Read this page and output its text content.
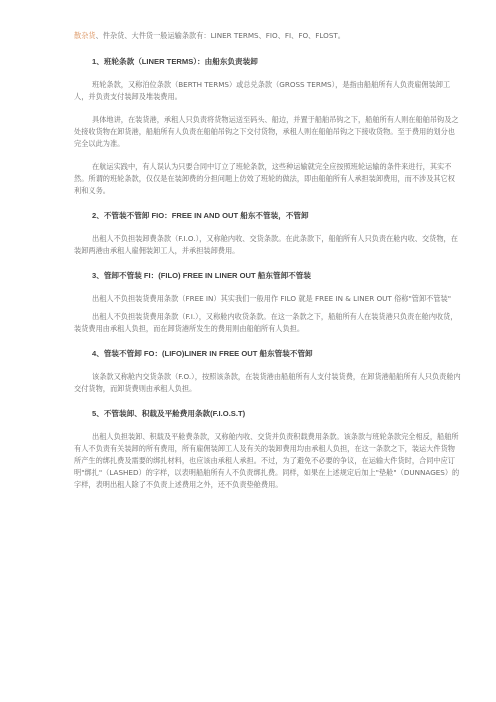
散杂货、件杂货、大件货一般运输条款有：LINER TERMS、FIO、FI、FO、FLOST。

1、班轮条款（LINER TERMS）：由船东负责装卸

班轮条款，又称泊位条款（BERTH TERMS）或总兑条款（GROSS TERMS），是指由船舶所有人负责雇佣装卸工人，并负责支付装卸及堆装费用。

具体地讲，在装货港，承租人只负责将货物运送至码头、船边，并置于船舶吊钩之下，船舶所有人则在船舶吊钩及之处接收货物在卸货港，船舶所有人负责在船舶吊钩之下交付货物，承租人则在船舶吊钩之下接收货物。至于费用的划分也完全以此为准。

在航运实践中，有人误认为只要合同中订立了班轮条款，这些种运输就完全应按照班轮运输的条件来进行，其实不然。所谓的班轮条款，仅仅是在装卸费的分担问题上仿效了班轮的做法，即由船舶所有人承担装卸费用，而不涉及其它权利和义务。

2、不管装不管卸 FIO：FREE IN AND OUT 船东不管装，不管卸

出租人不负担装卸费条款（F.I.O.），又称舱内收、交货条款。在此条款下，船舶所有人只负责在舱内收、交货物，在装卸两港由承租人雇佣装卸工人，并承担装卸费用。

3、管卸不管装 FI：(FILO) FREE IN LINER OUT 船东管卸不管装

出租人不负担装货费用条款（FREE IN）其实我们一般用作 FILO 就是 FREE IN & LINER OUT 俗称"管卸不管装"

出租人不负担装货费用条款（F.I.），又称舱内收货条款。在这一条款之下，船舶所有人在装货港只负责在舱内收货，装货费用由承租人负担，而在卸货港所发生的费用则由船舶所有人负担。

4、管装不管卸 FO：(LIFO)LINER IN FREE OUT 船东管装不管卸

该条款又称舱内交货条款（F.O.），按照该条款，在装货港由船舶所有人支付装货费，在卸货港船舶所有人只负责舱内交付货物，而卸货费则由承租人负担。

5、不管装卸、积载及平舱费用条款(F.I.O.S.T)

出租人负担装卸、积载及平舱费条款，又称舱内收、交货并负责积载费用条款。该条款与班轮条款完全相反，船舶所有人不负责有关装卸的所有费用，所有雇佣装卸工人及有关的装卸费用均由承租人负担，在这一条款之下，装运大件货物所产生的绑扎费及需要的绑扎材料，也应该由承租人承担。不过，为了避免不必要的争议，在运输大件货时，合同中应订明"绑扎"（LASHED）的字样，以表明船舶所有人不负责绑扎费。同样，如果在上述规定后加上"垫舱"（DUNNAGES）的字样，表明出租人除了不负责上述费用之外，还不负责垫舱费用。
